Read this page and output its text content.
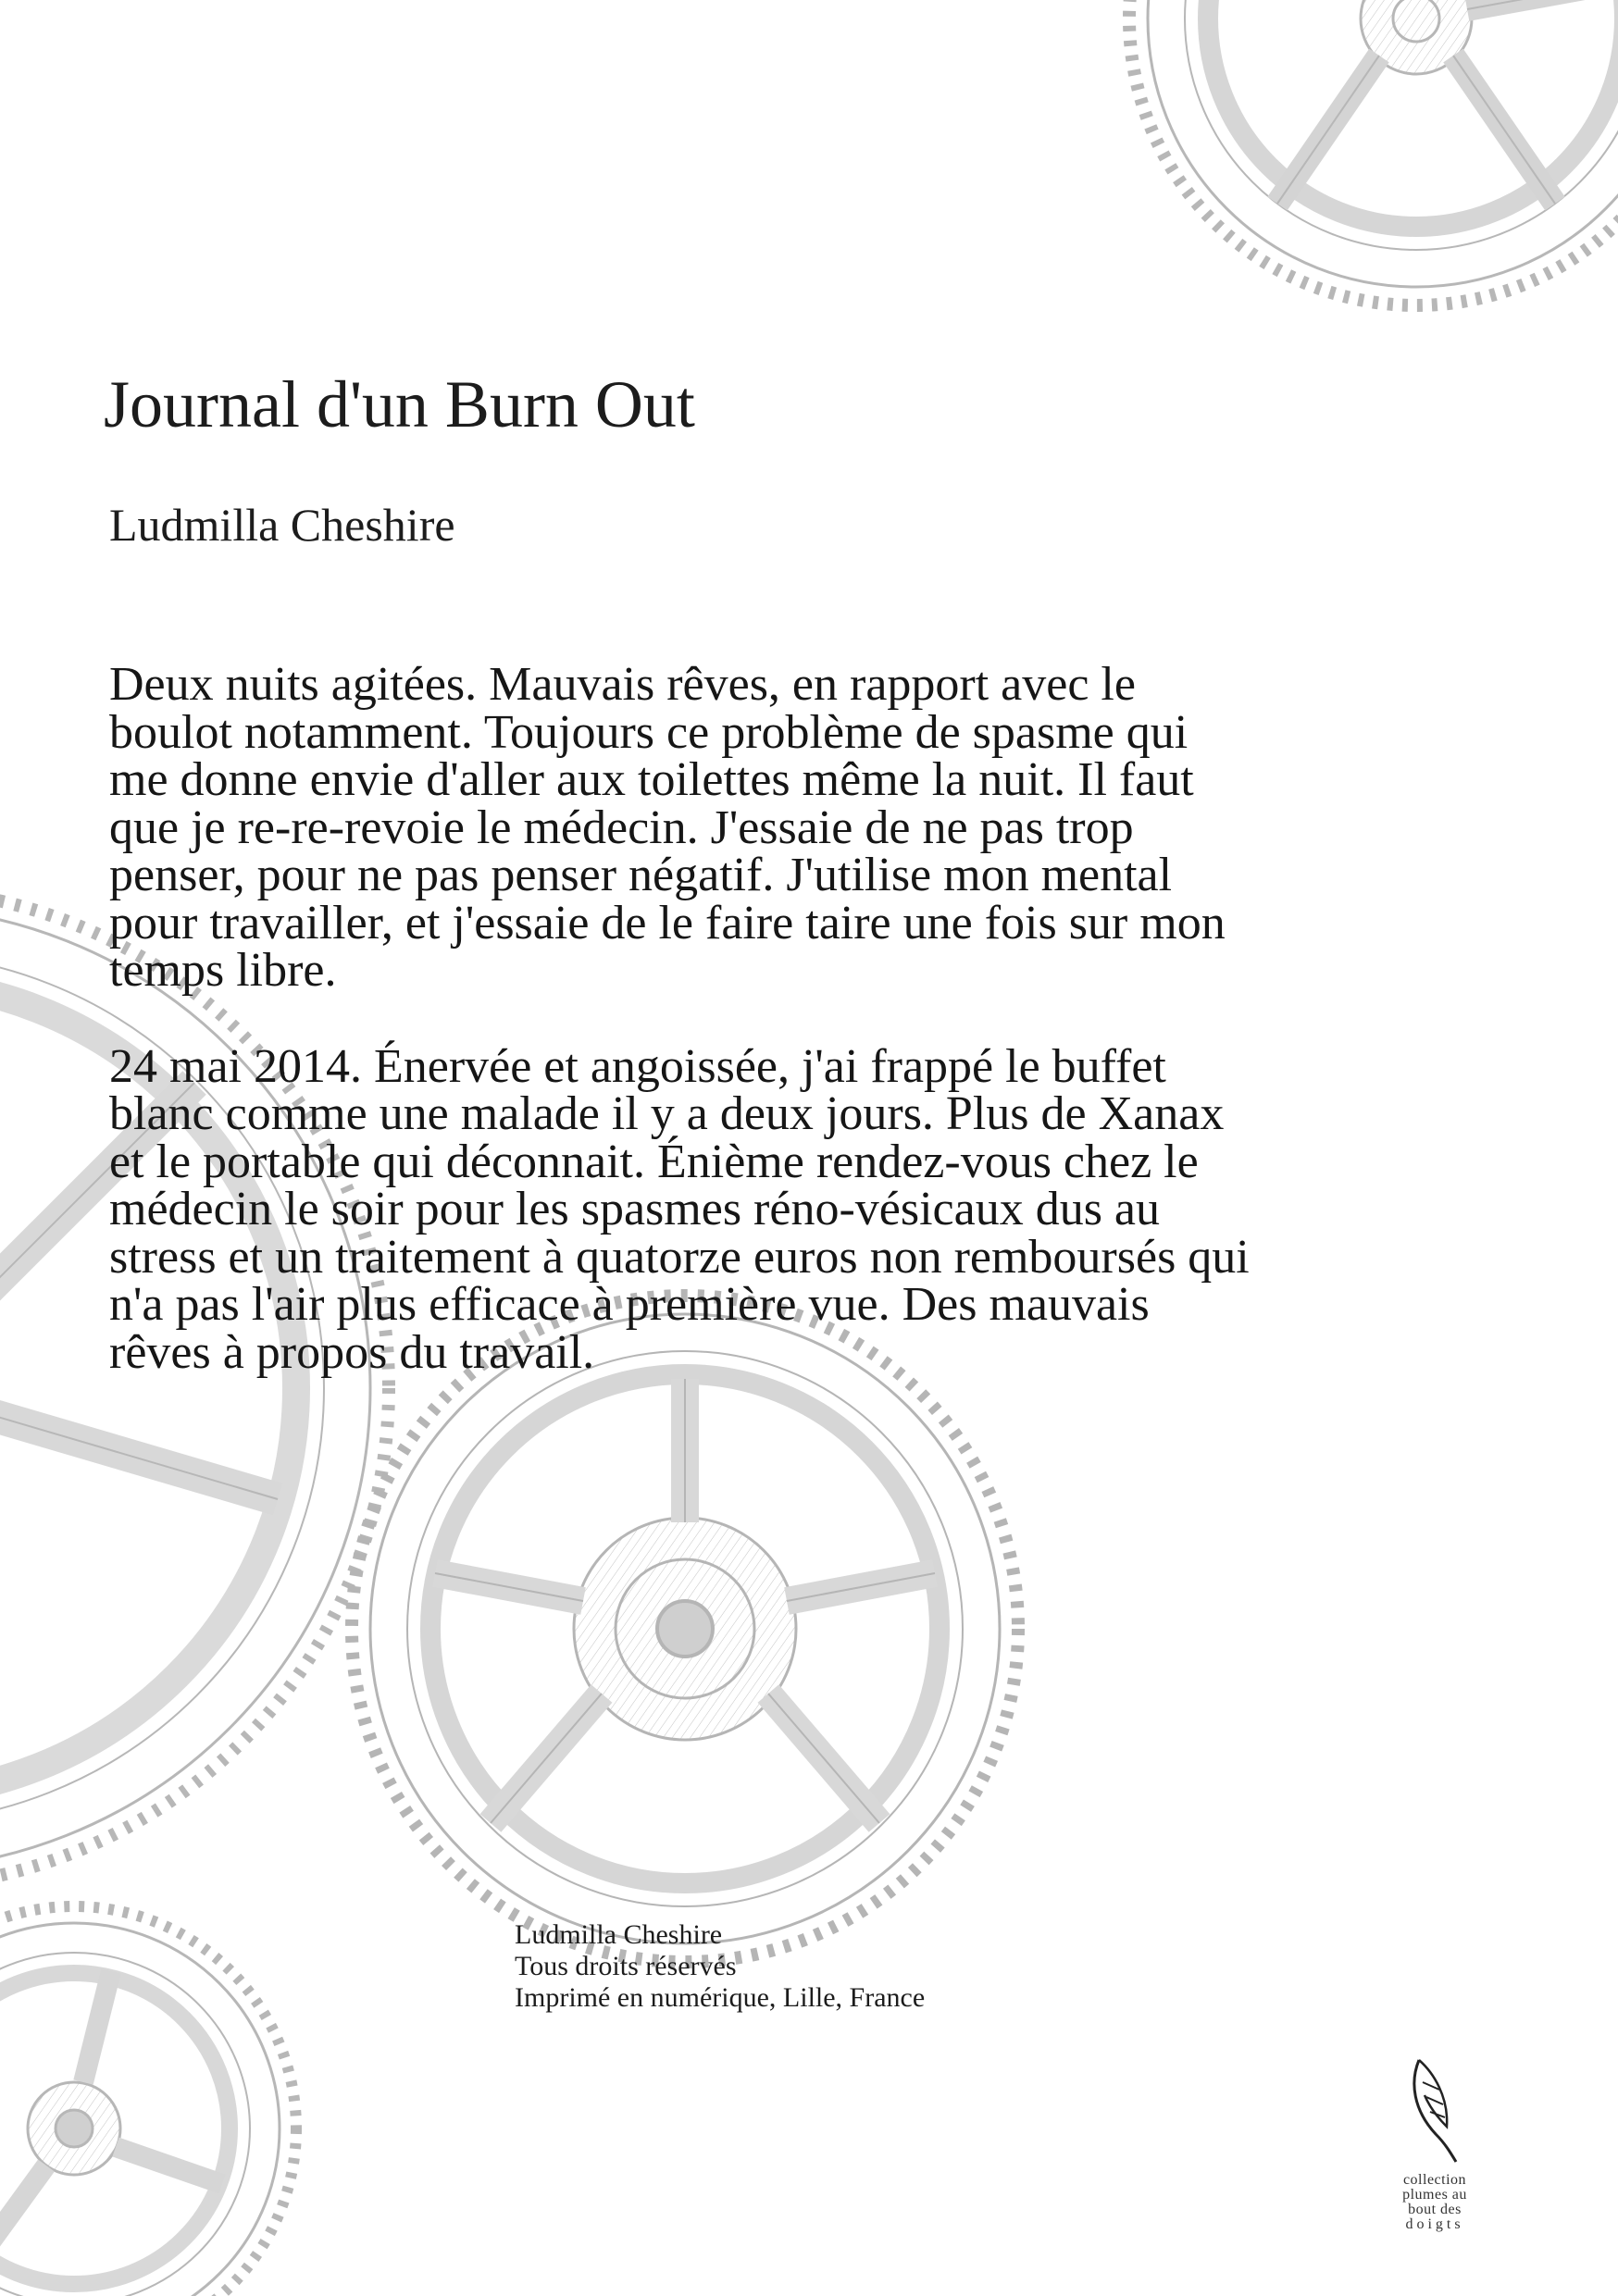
Journal d'un Burn Out

Ludmilla Cheshire

Deux nuits agitées. Mauvais rêves, en rapport avec le boulot notamment. Toujours ce problème de spasme qui me donne envie d'aller aux toilettes même la nuit. Il faut que je re-re-revoie le médecin. J'essaie de ne pas trop penser, pour ne pas penser négatif. J'utilise mon mental pour travailler, et j'essaie de le faire taire une fois sur mon temps libre.

24 mai 2014. Énervée et angoissée, j'ai frappé le buffet blanc comme une malade il y a deux jours. Plus de Xanax et le portable qui déconnait. Énième rendez-vous chez le médecin le soir pour les spasmes réno-vésicaux dus au stress et un traitement à quatorze euros non remboursés qui n'a pas l'air plus efficace à première vue. Des mauvais rêves à propos du travail.

Ludmilla Cheshire
Tous droits réservés
Imprimé en numérique, Lille, France
collection
plumes au
bout des
doigts
